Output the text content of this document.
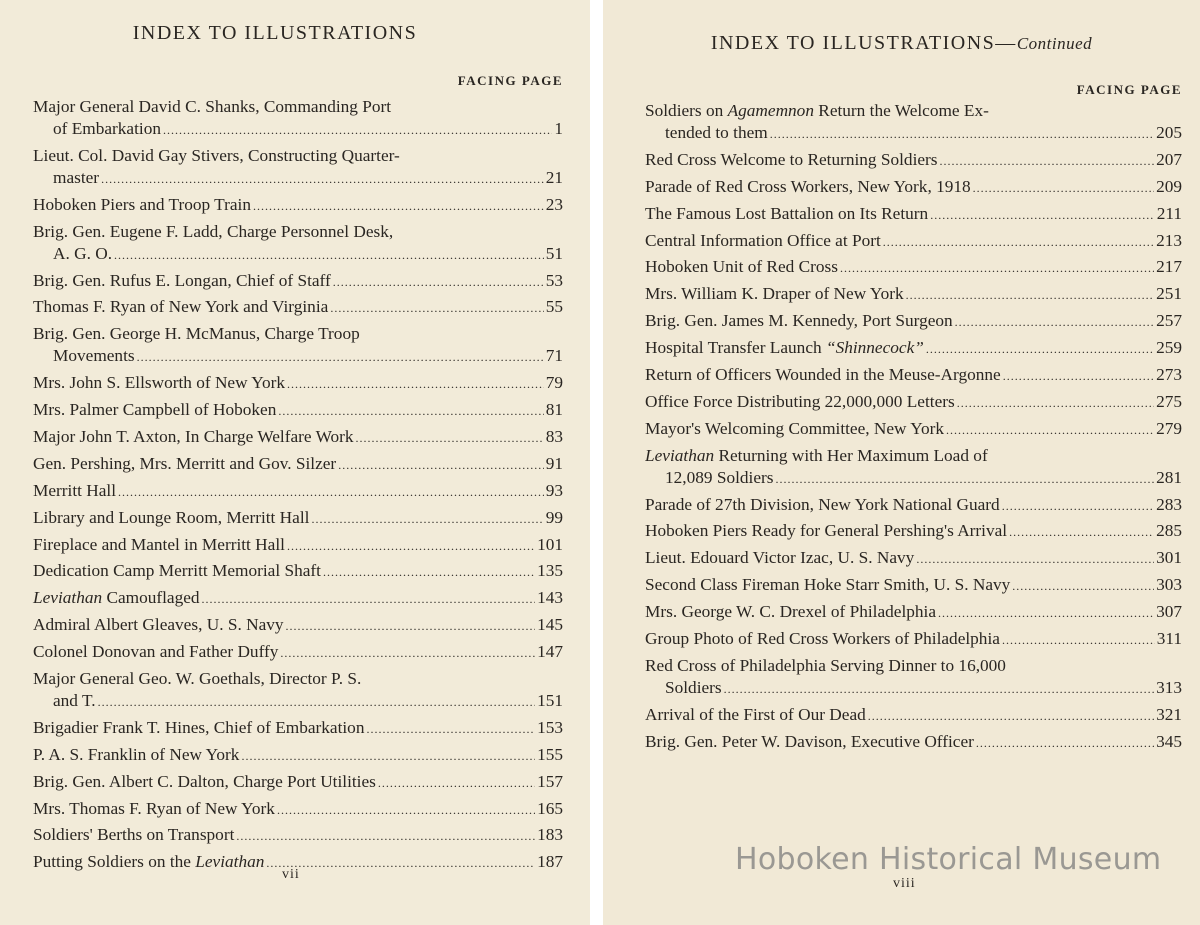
INDEX TO ILLUSTRATIONS
FACING PAGE
Major General David C. Shanks, Commanding Port
of Embarkation .....	1
Lieut. Col. David Gay Stivers, Constructing Quarter-
master .....	21
Hoboken Piers and Troop Train .....	23
Brig. Gen. Eugene F. Ladd, Charge Personnel Desk,
A. G. O. .....	51
Brig. Gen. Rufus E. Longan, Chief of Staff .....	53
Thomas F. Ryan of New York and Virginia .....	55
Brig. Gen. George H. McManus, Charge Troop
Movements .....	71
Mrs. John S. Ellsworth of New York .....	79
Mrs. Palmer Campbell of Hoboken .....	81
Major John T. Axton, In Charge Welfare Work .....	83
Gen. Pershing, Mrs. Merritt and Gov. Silzer .....	91
Merritt Hall .....	93
Library and Lounge Room, Merritt Hall .....	99
Fireplace and Mantel in Merritt Hall .....	101
Dedication Camp Merritt Memorial Shaft .....	135
Leviathan Camouflaged .....	143
Admiral Albert Gleaves, U. S. Navy .....	145
Colonel Donovan and Father Duffy .....	147
Major General Geo. W. Goethals, Director P. S.
and T. .....	151
Brigadier Frank T. Hines, Chief of Embarkation .....	153
P. A. S. Franklin of New York .....	155
Brig. Gen. Albert C. Dalton, Charge Port Utilities .....	157
Mrs. Thomas F. Ryan of New York .....	165
Soldiers' Berths on Transport .....	183
Putting Soldiers on the Leviathan .....	187
vii
INDEX TO ILLUSTRATIONS—Continued
FACING PAGE
Soldiers on Agamemnon Return the Welcome Ex-
tended to them .....	205
Red Cross Welcome to Returning Soldiers .....	207
Parade of Red Cross Workers, New York, 1918 .....	209
The Famous Lost Battalion on Its Return .....	211
Central Information Office at Port .....	213
Hoboken Unit of Red Cross .....	217
Mrs. William K. Draper of New York .....	251
Brig. Gen. James M. Kennedy, Port Surgeon .....	257
Hospital Transfer Launch “Shinnecock” .....	259
Return of Officers Wounded in the Meuse-Argonne .....	273
Office Force Distributing 22,000,000 Letters .....	275
Mayor's Welcoming Committee, New York .....	279
Leviathan Returning with Her Maximum Load of
12,089 Soldiers .....	281
Parade of 27th Division, New York National Guard .....	283
Hoboken Piers Ready for General Pershing's Arrival .....	285
Lieut. Edouard Victor Izac, U. S. Navy .....	301
Second Class Fireman Hoke Starr Smith, U. S. Navy .....	303
Mrs. George W. C. Drexel of Philadelphia .....	307
Group Photo of Red Cross Workers of Philadelphia .....	311
Red Cross of Philadelphia Serving Dinner to 16,000
Soldiers .....	313
Arrival of the First of Our Dead .....	321
Brig. Gen. Peter W. Davison, Executive Officer .....	345
viii
Hoboken Historical Museum
